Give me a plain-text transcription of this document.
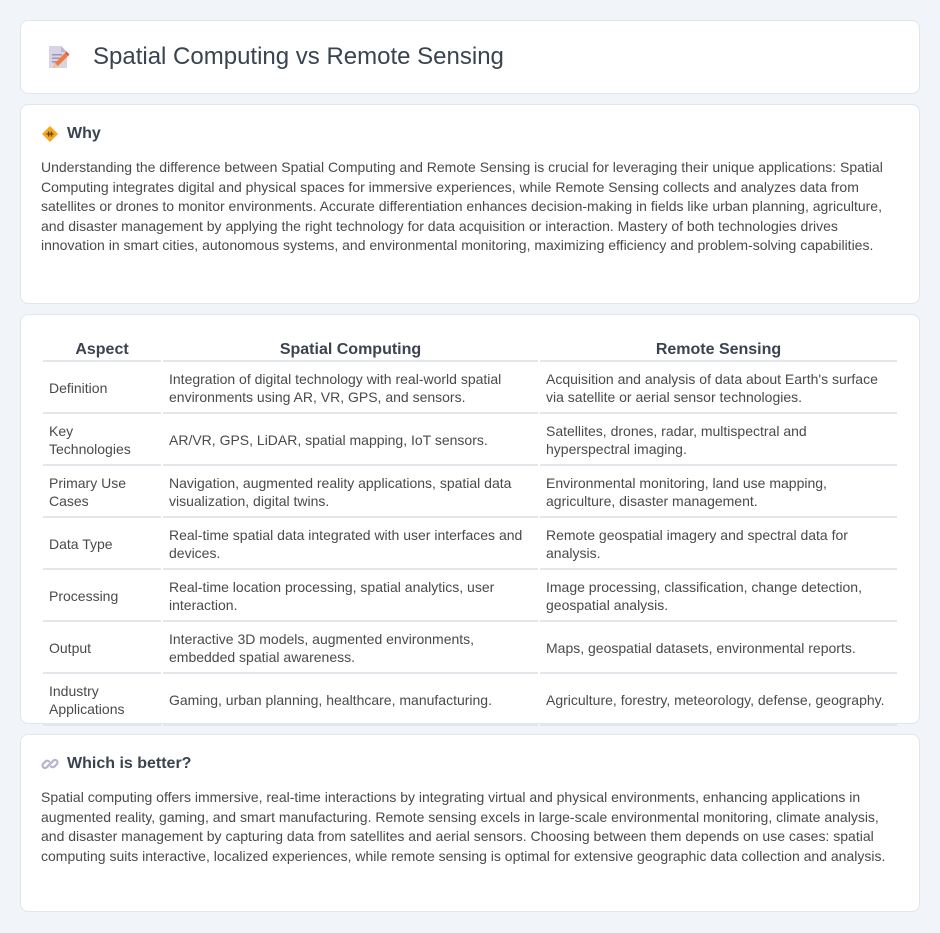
Spatial Computing vs Remote Sensing
Why

Understanding the difference between Spatial Computing and Remote Sensing is crucial for leveraging their unique applications: Spatial Computing integrates digital and physical spaces for immersive experiences, while Remote Sensing collects and analyzes data from satellites or drones to monitor environments. Accurate differentiation enhances decision-making in fields like urban planning, agriculture, and disaster management by applying the right technology for data acquisition or interaction. Mastery of both technologies drives innovation in smart cities, autonomous systems, and environmental monitoring, maximizing efficiency and problem-solving capabilities.

Aspect	Spatial Computing	Remote Sensing
Definition	Integration of digital technology with real-world spatial environments using AR, VR, GPS, and sensors.	Acquisition and analysis of data about Earth's surface via satellite or aerial sensor technologies.
Key Technologies	AR/VR, GPS, LiDAR, spatial mapping, IoT sensors.	Satellites, drones, radar, multispectral and hyperspectral imaging.
Primary Use Cases	Navigation, augmented reality applications, spatial data visualization, digital twins.	Environmental monitoring, land use mapping, agriculture, disaster management.
Data Type	Real-time spatial data integrated with user interfaces and devices.	Remote geospatial imagery and spectral data for analysis.
Processing	Real-time location processing, spatial analytics, user interaction.	Image processing, classification, change detection, geospatial analysis.
Output	Interactive 3D models, augmented environments, embedded spatial awareness.	Maps, geospatial datasets, environmental reports.
Industry Applications	Gaming, urban planning, healthcare, manufacturing.	Agriculture, forestry, meteorology, defense, geography.
Which is better?

Spatial computing offers immersive, real-time interactions by integrating virtual and physical environments, enhancing applications in augmented reality, gaming, and smart manufacturing. Remote sensing excels in large-scale environmental monitoring, climate analysis, and disaster management by capturing data from satellites and aerial sensors. Choosing between them depends on use cases: spatial computing suits interactive, localized experiences, while remote sensing is optimal for extensive geographic data collection and analysis.
